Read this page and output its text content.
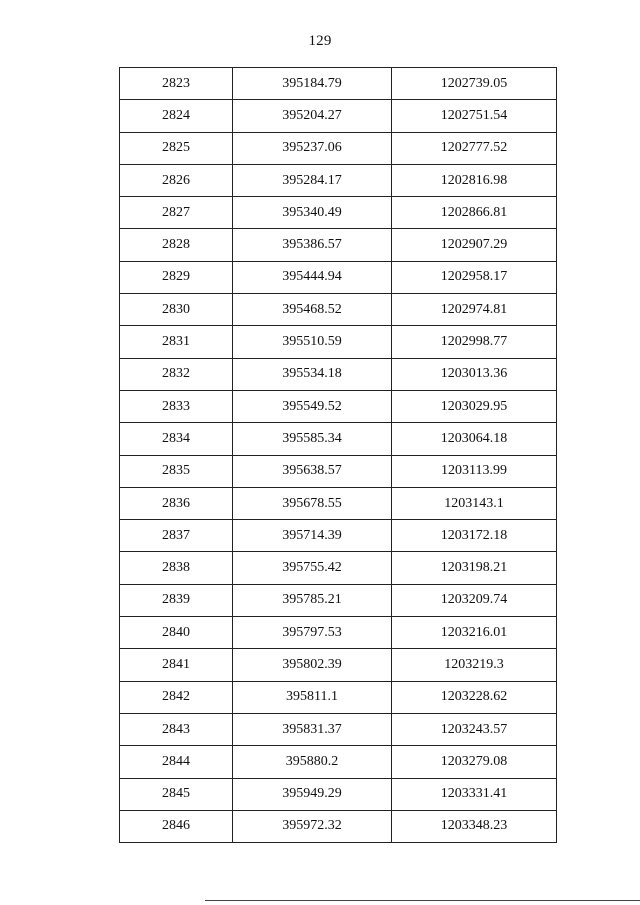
129
2823	395184.79	1202739.05
2824	395204.27	1202751.54
2825	395237.06	1202777.52
2826	395284.17	1202816.98
2827	395340.49	1202866.81
2828	395386.57	1202907.29
2829	395444.94	1202958.17
2830	395468.52	1202974.81
2831	395510.59	1202998.77
2832	395534.18	1203013.36
2833	395549.52	1203029.95
2834	395585.34	1203064.18
2835	395638.57	1203113.99
2836	395678.55	1203143.1
2837	395714.39	1203172.18
2838	395755.42	1203198.21
2839	395785.21	1203209.74
2840	395797.53	1203216.01
2841	395802.39	1203219.3
2842	395811.1	1203228.62
2843	395831.37	1203243.57
2844	395880.2	1203279.08
2845	395949.29	1203331.41
2846	395972.32	1203348.23
